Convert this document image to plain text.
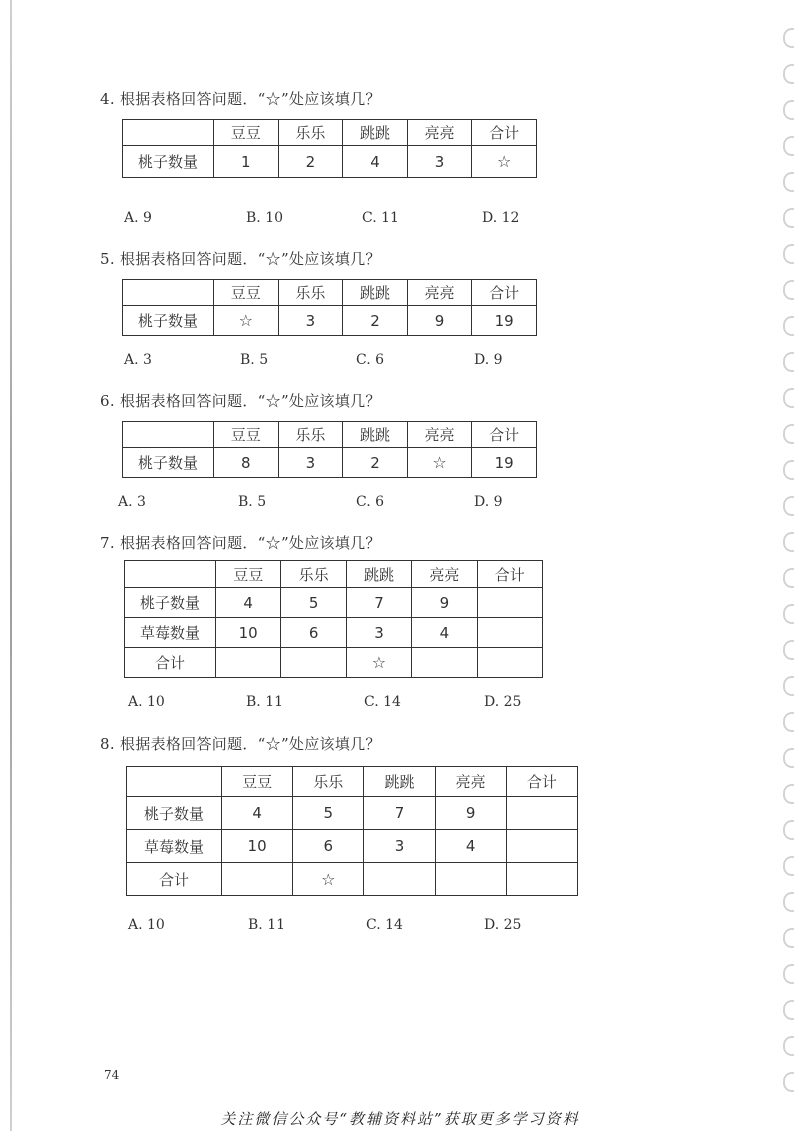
4. 根据表格回答问题．“☆”处应该填几？
	豆豆	乐乐	跳跳	亮亮	合计
桃子数量	1	2	4	3	☆
A. 9	B. 10	C. 11	D. 12
5. 根据表格回答问题．“☆”处应该填几？
	豆豆	乐乐	跳跳	亮亮	合计
桃子数量	☆	3	2	9	19
A. 3	B. 5	C. 6	D. 9
6. 根据表格回答问题．“☆”处应该填几？
	豆豆	乐乐	跳跳	亮亮	合计
桃子数量	8	3	2	☆	19
A. 3	B. 5	C. 6	D. 9
7. 根据表格回答问题．“☆”处应该填几？
	豆豆	乐乐	跳跳	亮亮	合计
桃子数量	4	5	7	9	
草莓数量	10	6	3	4	
合计			☆		
A. 10	B. 11	C. 14	D. 25
8. 根据表格回答问题．“☆”处应该填几？
	豆豆	乐乐	跳跳	亮亮	合计
桃子数量	4	5	7	9	
草莓数量	10	6	3	4	
合计		☆			
A. 10	B. 11	C. 14	D. 25
74
关注微信公众号“教辅资料站”获取更多学习资料
